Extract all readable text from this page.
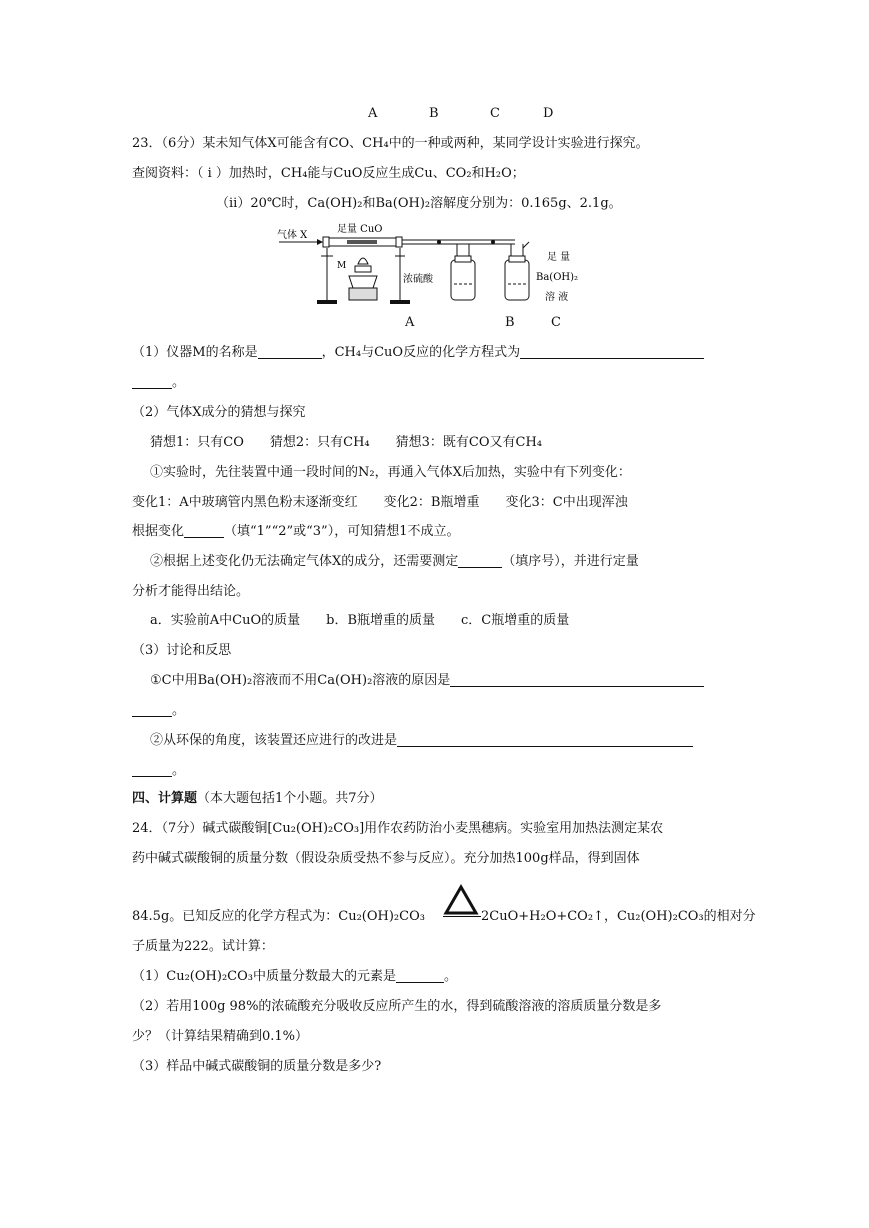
A	B	C	D
23．（6分）某未知气体X可能含有CO、CH₄中的一种或两种，某同学设计实验进行探究。
查阅资料：（ i ）加热时，CH₄能与CuO反应生成Cu、CO₂和H₂O；
（ii）20℃时，Ca(OH)₂和Ba(OH)₂溶解度分别为：0.165g、2.1g。
气体 X
足量 CuO
M
浓硫酸
足 量
Ba(OH)₂
溶 液
A	B	C
（1）仪器M的名称是	，CH₄与CuO反应的化学方程式为
。
（2）气体X成分的猜想与探究
猜想1：只有CO　　猜想2：只有CH₄　　猜想3：既有CO又有CH₄
①实验时，先往装置中通一段时间的N₂，再通入气体X后加热，实验中有下列变化：
变化1：A中玻璃管内黑色粉末逐渐变红　　变化2：B瓶增重　　变化3：C中出现浑浊
根据变化	（填“1”“2”或“3”），可知猜想1不成立。
②根据上述变化仍无法确定气体X的成分，还需要测定	（填序号），并进行定量
分析才能得出结论。
a．实验前A中CuO的质量　　b．B瓶增重的质量　　c．C瓶增重的质量
（3）讨论和反思
①C中用Ba(OH)₂溶液而不用Ca(OH)₂溶液的原因是
。
②从环保的角度，该装置还应进行的改进是
。
四、计算题（本大题包括1个小题。共7分）
24．（7分）碱式碳酸铜[Cu₂(OH)₂CO₃]用作农药防治小麦黑穗病。实验室用加热法测定某农
药中碱式碳酸铜的质量分数（假设杂质受热不参与反应）。充分加热100g样品，得到固体
84.5g。已知反应的化学方程式为：Cu₂(OH)₂CO₃	2CuO+H₂O+CO₂↑，Cu₂(OH)₂CO₃的相对分
子质量为222。试计算：
（1）Cu₂(OH)₂CO₃中质量分数最大的元素是	。
（2）若用100g 98%的浓硫酸充分吸收反应所产生的水，得到硫酸溶液的溶质质量分数是多
少？（计算结果精确到0.1%）
（3）样品中碱式碳酸铜的质量分数是多少?
